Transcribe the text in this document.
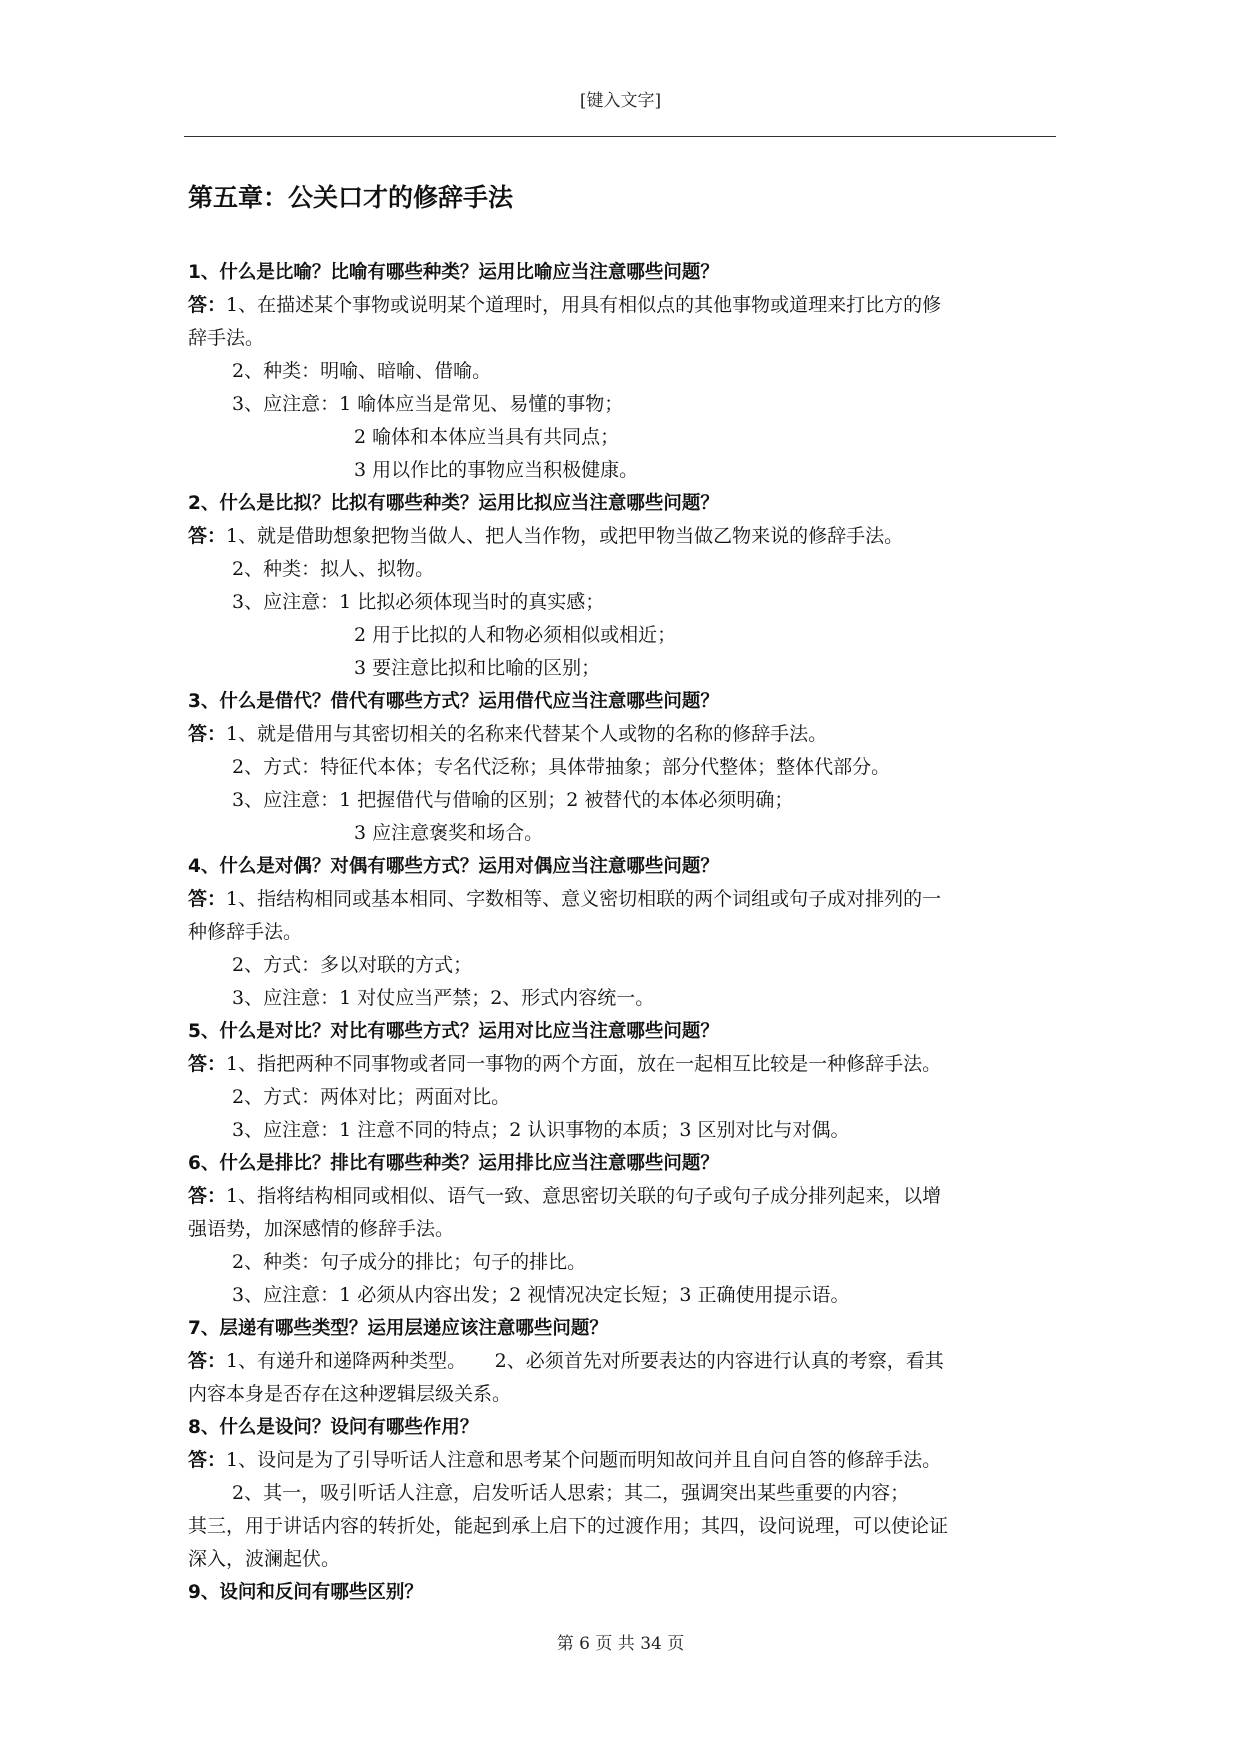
[键入文字]
第五章：公关口才的修辞手法
1、什么是比喻？比喻有哪些种类？运用比喻应当注意哪些问题？
答：1、在描述某个事物或说明某个道理时，用具有相似点的其他事物或道理来打比方的修
辞手法。
2、种类：明喻、暗喻、借喻。
3、应注意：1 喻体应当是常见、易懂的事物；
2 喻体和本体应当具有共同点；
3 用以作比的事物应当积极健康。
2、什么是比拟？比拟有哪些种类？运用比拟应当注意哪些问题？
答：1、就是借助想象把物当做人、把人当作物，或把甲物当做乙物来说的修辞手法。
2、种类：拟人、拟物。
3、应注意：1 比拟必须体现当时的真实感；
2 用于比拟的人和物必须相似或相近；
3 要注意比拟和比喻的区别；
3、什么是借代？借代有哪些方式？运用借代应当注意哪些问题？
答：1、就是借用与其密切相关的名称来代替某个人或物的名称的修辞手法。
2、方式：特征代本体；专名代泛称；具体带抽象；部分代整体；整体代部分。
3、应注意：1 把握借代与借喻的区别；2 被替代的本体必须明确；
3 应注意褒奖和场合。
4、什么是对偶？对偶有哪些方式？运用对偶应当注意哪些问题？
答：1、指结构相同或基本相同、字数相等、意义密切相联的两个词组或句子成对排列的一
种修辞手法。
2、方式：多以对联的方式；
3、应注意：1 对仗应当严禁；2、形式内容统一。
5、什么是对比？对比有哪些方式？运用对比应当注意哪些问题？
答：1、指把两种不同事物或者同一事物的两个方面，放在一起相互比较是一种修辞手法。
2、方式：两体对比；两面对比。
3、应注意：1 注意不同的特点；2 认识事物的本质；3 区别对比与对偶。
6、什么是排比？排比有哪些种类？运用排比应当注意哪些问题？
答：1、指将结构相同或相似、语气一致、意思密切关联的句子或句子成分排列起来，以增
强语势，加深感情的修辞手法。
2、种类：句子成分的排比；句子的排比。
3、应注意：1 必须从内容出发；2 视情况决定长短；3 正确使用提示语。
7、层递有哪些类型？运用层递应该注意哪些问题？
答：1、有递升和递降两种类型。　　2、必须首先对所要表达的内容进行认真的考察，看其
内容本身是否存在这种逻辑层级关系。
8、什么是设问？设问有哪些作用？
答：1、设问是为了引导听话人注意和思考某个问题而明知故问并且自问自答的修辞手法。
2、其一，吸引听话人注意，启发听话人思索；其二，强调突出某些重要的内容；
其三，用于讲话内容的转折处，能起到承上启下的过渡作用；其四，设问说理，可以使论证
深入，波澜起伏。
9、设问和反问有哪些区别？
第 6 页 共 34 页
